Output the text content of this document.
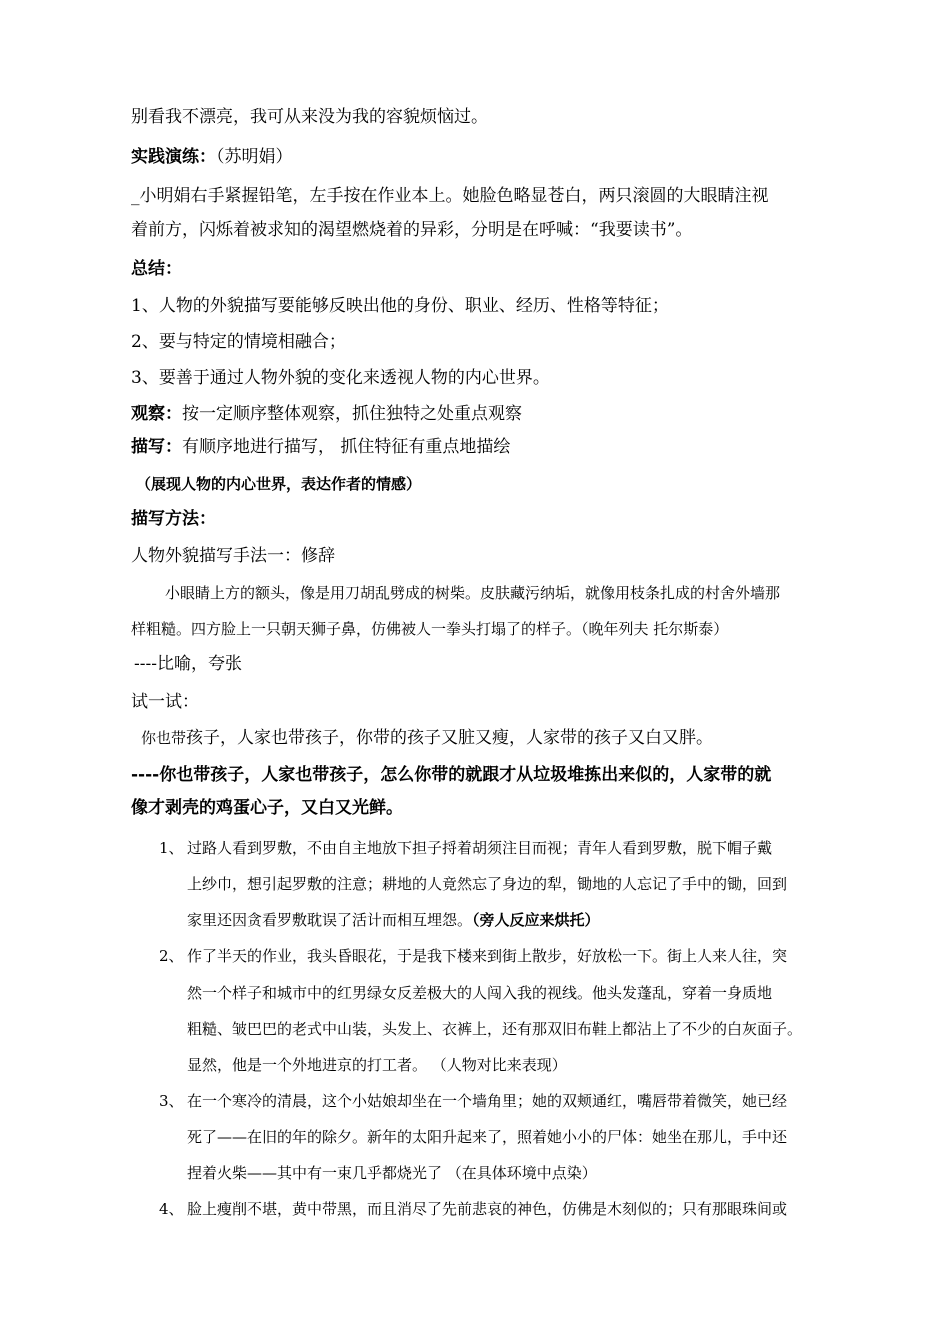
别看我不漂亮，我可从来没为我的容貌烦恼过。
实践演练：（苏明娟）
_小明娟右手紧握铅笔，左手按在作业本上。她脸色略显苍白，两只滚圆的大眼睛注视
着前方，闪烁着被求知的渴望燃烧着的异彩，分明是在呼喊：“我要读书”。
总结：
1、人物的外貌描写要能够反映出他的身份、职业、经历、性格等特征；
2、要与特定的情境相融合；
3、要善于通过人物外貌的变化来透视人物的内心世界。
观察：按一定顺序整体观察，抓住独特之处重点观察
描写：有顺序地进行描写， 抓住特征有重点地描绘
（展现人物的内心世界，表达作者的情感）
描写方法：
人物外貌描写手法一：修辞
小眼睛上方的额头，像是用刀胡乱劈成的树柴。皮肤藏污纳垢，就像用枝条扎成的村舍外墙那
样粗糙。四方脸上一只朝天狮子鼻，仿佛被人一拳头打塌了的样子。（晚年列夫 托尔斯泰）
----比喻，夸张
试一试：
你也带孩子，人家也带孩子，你带的孩子又脏又瘦，人家带的孩子又白又胖。
----你也带孩子，人家也带孩子，怎么你带的就跟才从垃圾堆拣出来似的，人家带的就
像才剥壳的鸡蛋心子，又白又光鲜。
1、 过路人看到罗敷，不由自主地放下担子捋着胡须注目而视；青年人看到罗敷，脱下帽子戴
上纱巾，想引起罗敷的注意；耕地的人竟然忘了身边的犁，锄地的人忘记了手中的锄，回到
家里还因贪看罗敷耽误了活计而相互埋怨。（旁人反应来烘托）
2、 作了半天的作业，我头昏眼花，于是我下楼来到街上散步，好放松一下。街上人来人往，突
然一个样子和城市中的红男绿女反差极大的人闯入我的视线。他头发蓬乱，穿着一身质地
粗糙、皱巴巴的老式中山装，头发上、衣裤上，还有那双旧布鞋上都沾上了不少的白灰面子。
显然，他是一个外地进京的打工者。 （人物对比来表现）
3、 在一个寒冷的清晨，这个小姑娘却坐在一个墙角里；她的双颊通红，嘴唇带着微笑，她已经
死了——在旧的年的除夕。新年的太阳升起来了，照着她小小的尸体：她坐在那儿，手中还
捏着火柴——其中有一束几乎都烧光了 （在具体环境中点染）
4、 脸上瘦削不堪，黄中带黑，而且消尽了先前悲哀的神色，仿佛是木刻似的；只有那眼珠间或
